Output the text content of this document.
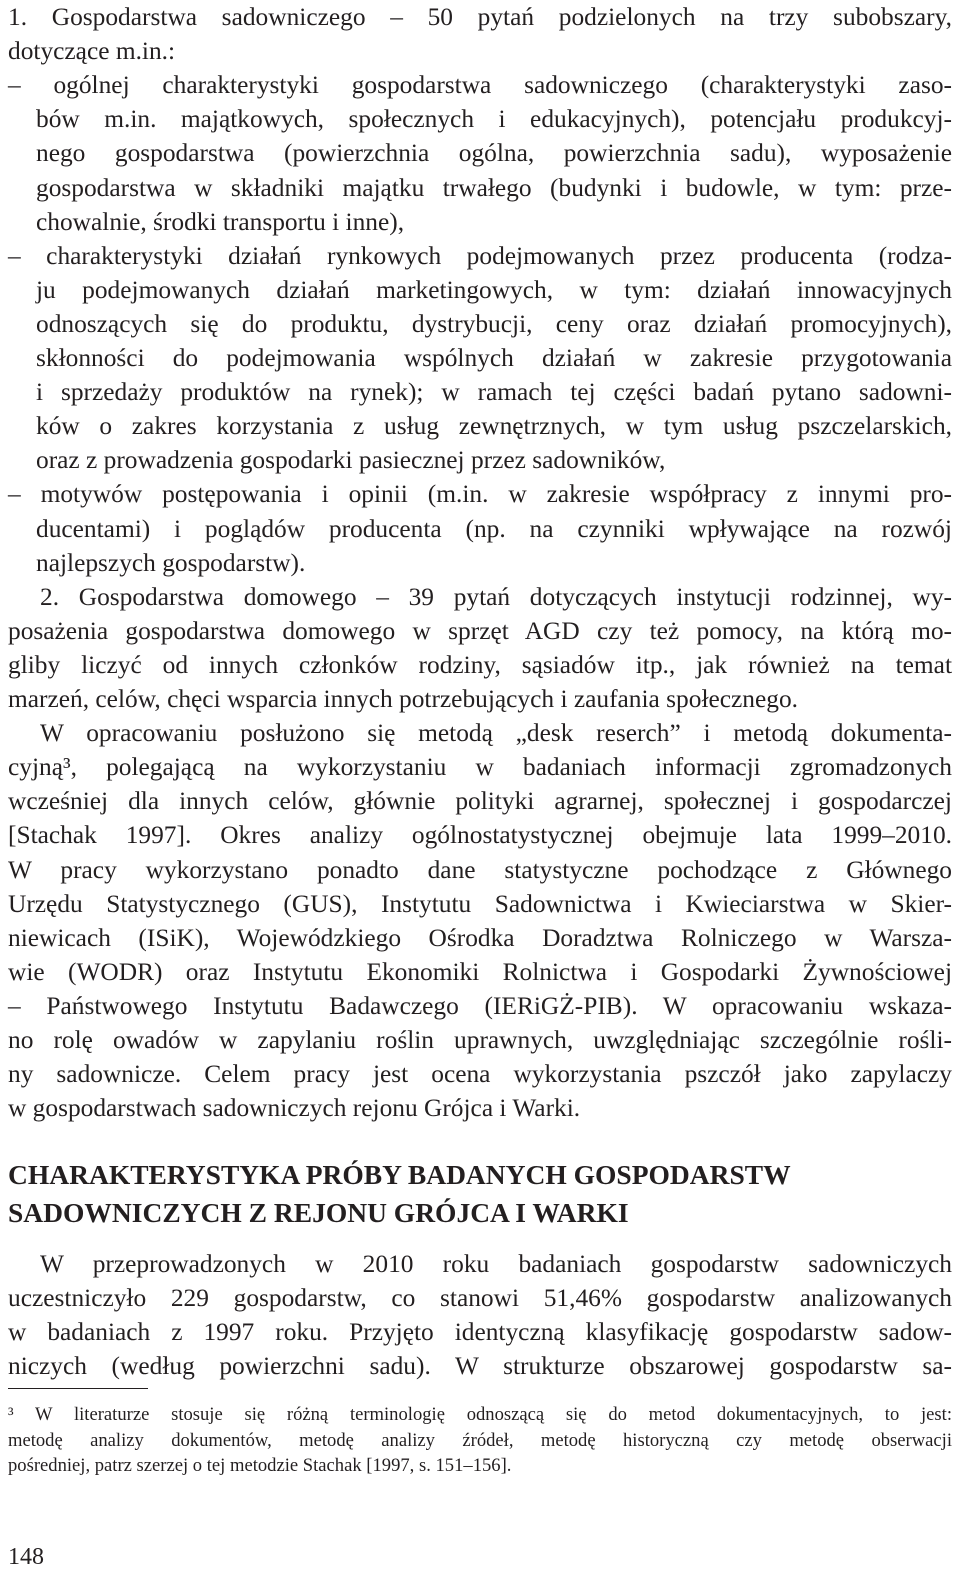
1. Gospodarstwa sadowniczego – 50 pytań podzielonych na trzy subobszary,
dotyczące m.in.:
– ogólnej charakterystyki gospodarstwa sadowniczego (charakterystyki zaso-
bów m.in. majątkowych, społecznych i edukacyjnych), potencjału produkcyj-
nego gospodarstwa (powierzchnia ogólna, powierzchnia sadu), wyposażenie
gospodarstwa w składniki majątku trwałego (budynki i budowle, w tym: prze-
chowalnie, środki transportu i inne),
– charakterystyki działań rynkowych podejmowanych przez producenta (rodza-
ju podejmowanych działań marketingowych, w tym: działań innowacyjnych
odnoszących się do produktu, dystrybucji, ceny oraz działań promocyjnych),
skłonności do podejmowania wspólnych działań w zakresie przygotowania
i sprzedaży produktów na rynek); w ramach tej części badań pytano sadowni-
ków o zakres korzystania z usług zewnętrznych, w tym usług pszczelarskich,
oraz z prowadzenia gospodarki pasiecznej przez sadowników,
– motywów postępowania i opinii (m.in. w zakresie współpracy z innymi pro-
ducentami) i poglądów producenta (np. na czynniki wpływające na rozwój
najlepszych gospodarstw).
2. Gospodarstwa domowego – 39 pytań dotyczących instytucji rodzinnej, wy-
posażenia gospodarstwa domowego w sprzęt AGD czy też pomocy, na którą mo-
gliby liczyć od innych członków rodziny, sąsiadów itp., jak również na temat
marzeń, celów, chęci wsparcia innych potrzebujących i zaufania społecznego.
W opracowaniu posłużono się metodą „desk reserch” i metodą dokumenta-
cyjną³, polegającą na wykorzystaniu w badaniach informacji zgromadzonych
wcześniej dla innych celów, głównie polityki agrarnej, społecznej i gospodarczej
[Stachak 1997]. Okres analizy ogólnostatystycznej obejmuje lata 1999–2010.
W pracy wykorzystano ponadto dane statystyczne pochodzące z Głównego
Urzędu Statystycznego (GUS), Instytutu Sadownictwa i Kwieciarstwa w Skier-
niewicach (ISiK), Wojewódzkiego Ośrodka Doradztwa Rolniczego w Warsza-
wie (WODR) oraz Instytutu Ekonomiki Rolnictwa i Gospodarki Żywnościowej
– Państwowego Instytutu Badawczego (IERiGŻ-PIB). W opracowaniu wskaza-
no rolę owadów w zapylaniu roślin uprawnych, uwzględniając szczególnie rośli-
ny sadownicze. Celem pracy jest ocena wykorzystania pszczół jako zapylaczy
w gospodarstwach sadowniczych rejonu Grójca i Warki.
CHARAKTERYSTYKA PRÓBY BADANYCH GOSPODARSTW
SADOWNICZYCH Z REJONU GRÓJCA I WARKI
W przeprowadzonych w 2010 roku badaniach gospodarstw sadowniczych
uczestniczyło 229 gospodarstw, co stanowi 51,46% gospodarstw analizowanych
w badaniach z 1997 roku. Przyjęto identyczną klasyfikację gospodarstw sadow-
niczych (według powierzchni sadu). W strukturze obszarowej gospodarstw sa-
³ W literaturze stosuje się różną terminologię odnoszącą się do metod dokumentacyjnych, to jest:
metodę analizy dokumentów, metodę analizy źródeł, metodę historyczną czy metodę obserwacji
pośredniej, patrz szerzej o tej metodzie Stachak [1997, s. 151–156].
148
